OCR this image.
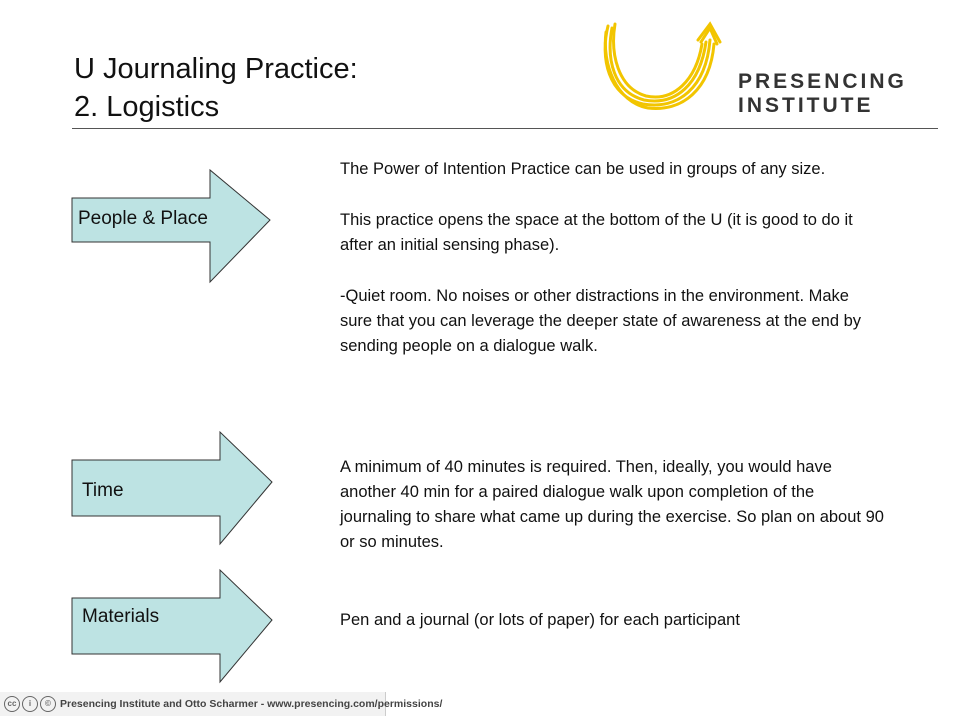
U Journaling Practice:
2. Logistics
PRESENCING
INSTITUTE
People & Place

The Power of Intention Practice can be used in groups of any size.

This practice opens the space at the bottom of the U (it is good to do it after an initial sensing phase).

-Quiet room. No noises or other distractions in the environment. Make sure that you can leverage the deeper state of awareness at the end by sending people on a dialogue walk.

Time

A minimum of 40 minutes is required. Then, ideally, you would have another 40 min for a paired dialogue walk upon completion of the journaling to share what came up during the exercise. So plan on about 90 or so minutes.

Materials	Pen and a journal (or lots of paper) for each participant

cc	i	© Presencing Institute and Otto Scharmer - www.presencing.com/permissions/
